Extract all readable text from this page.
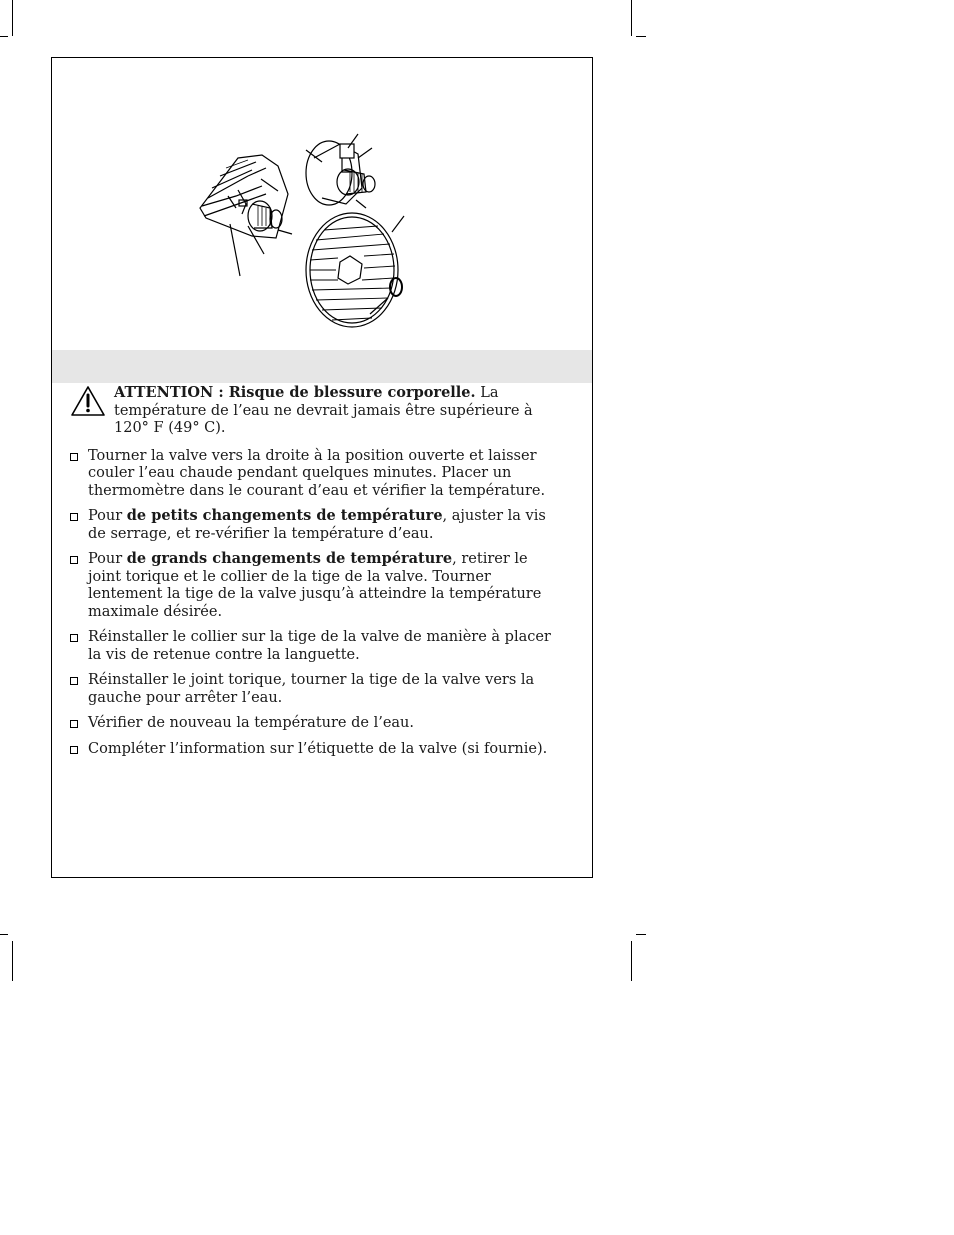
ATTENTION : Risque de blessure corporelle. La température de l’eau ne devrait jamais être supérieure à 120° F (49° C).
Tourner la valve vers la droite à la position ouverte et laisser couler l’eau chaude pendant quelques minutes. Placer un thermomètre dans le courant d’eau et vérifier la température.
Pour de petits changements de température, ajuster la vis de serrage, et re-vérifier la température d’eau.
Pour de grands changements de température, retirer le joint torique et le collier de la tige de la valve. Tourner lentement la tige de la valve jusqu’à atteindre la température maximale désirée.
Réinstaller le collier sur la tige de la valve de manière à placer la vis de retenue contre la languette.
Réinstaller le joint torique, tourner la tige de la valve vers la gauche pour arrêter l’eau.
Vérifier de nouveau la température de l’eau.
Compléter l’information sur l’étiquette de la valve (si fournie).
